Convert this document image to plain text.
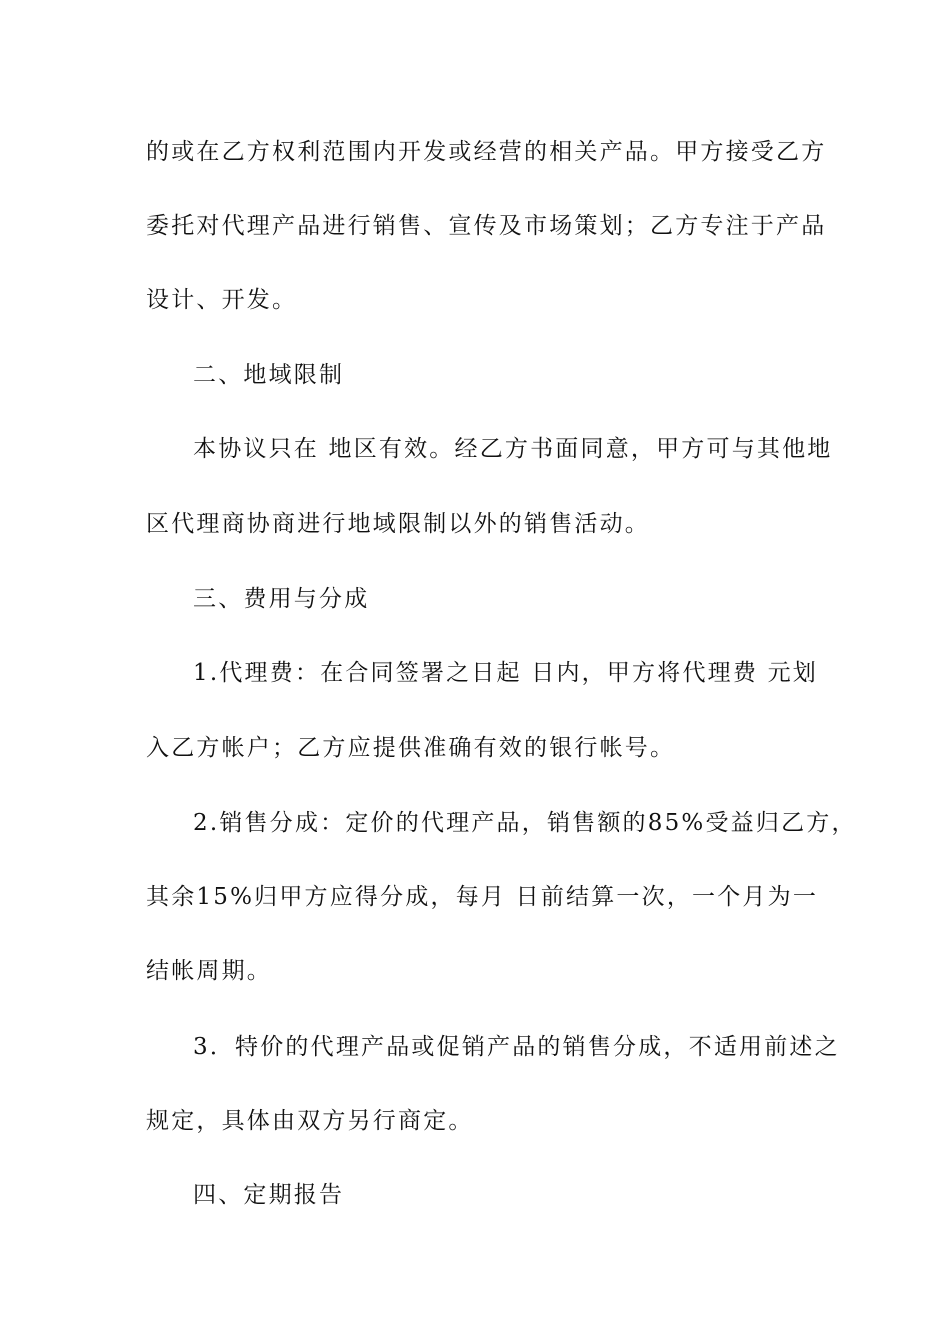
的或在乙方权利范围内开发或经营的相关产品。甲方接受乙方
委托对代理产品进行销售、宣传及市场策划；乙方专注于产品
设计、开发。
二、地域限制
本协议只在 地区有效。经乙方书面同意，甲方可与其他地
区代理商协商进行地域限制以外的销售活动。
三、费用与分成
1.代理费：在合同签署之日起 日内，甲方将代理费 元划
入乙方帐户；乙方应提供准确有效的银行帐号。
2.销售分成：定价的代理产品，销售额的85%受益归乙方，
其余15%归甲方应得分成，每月 日前结算一次，一个月为一
结帐周期。
3．特价的代理产品或促销产品的销售分成，不适用前述之
规定，具体由双方另行商定。
四、定期报告
